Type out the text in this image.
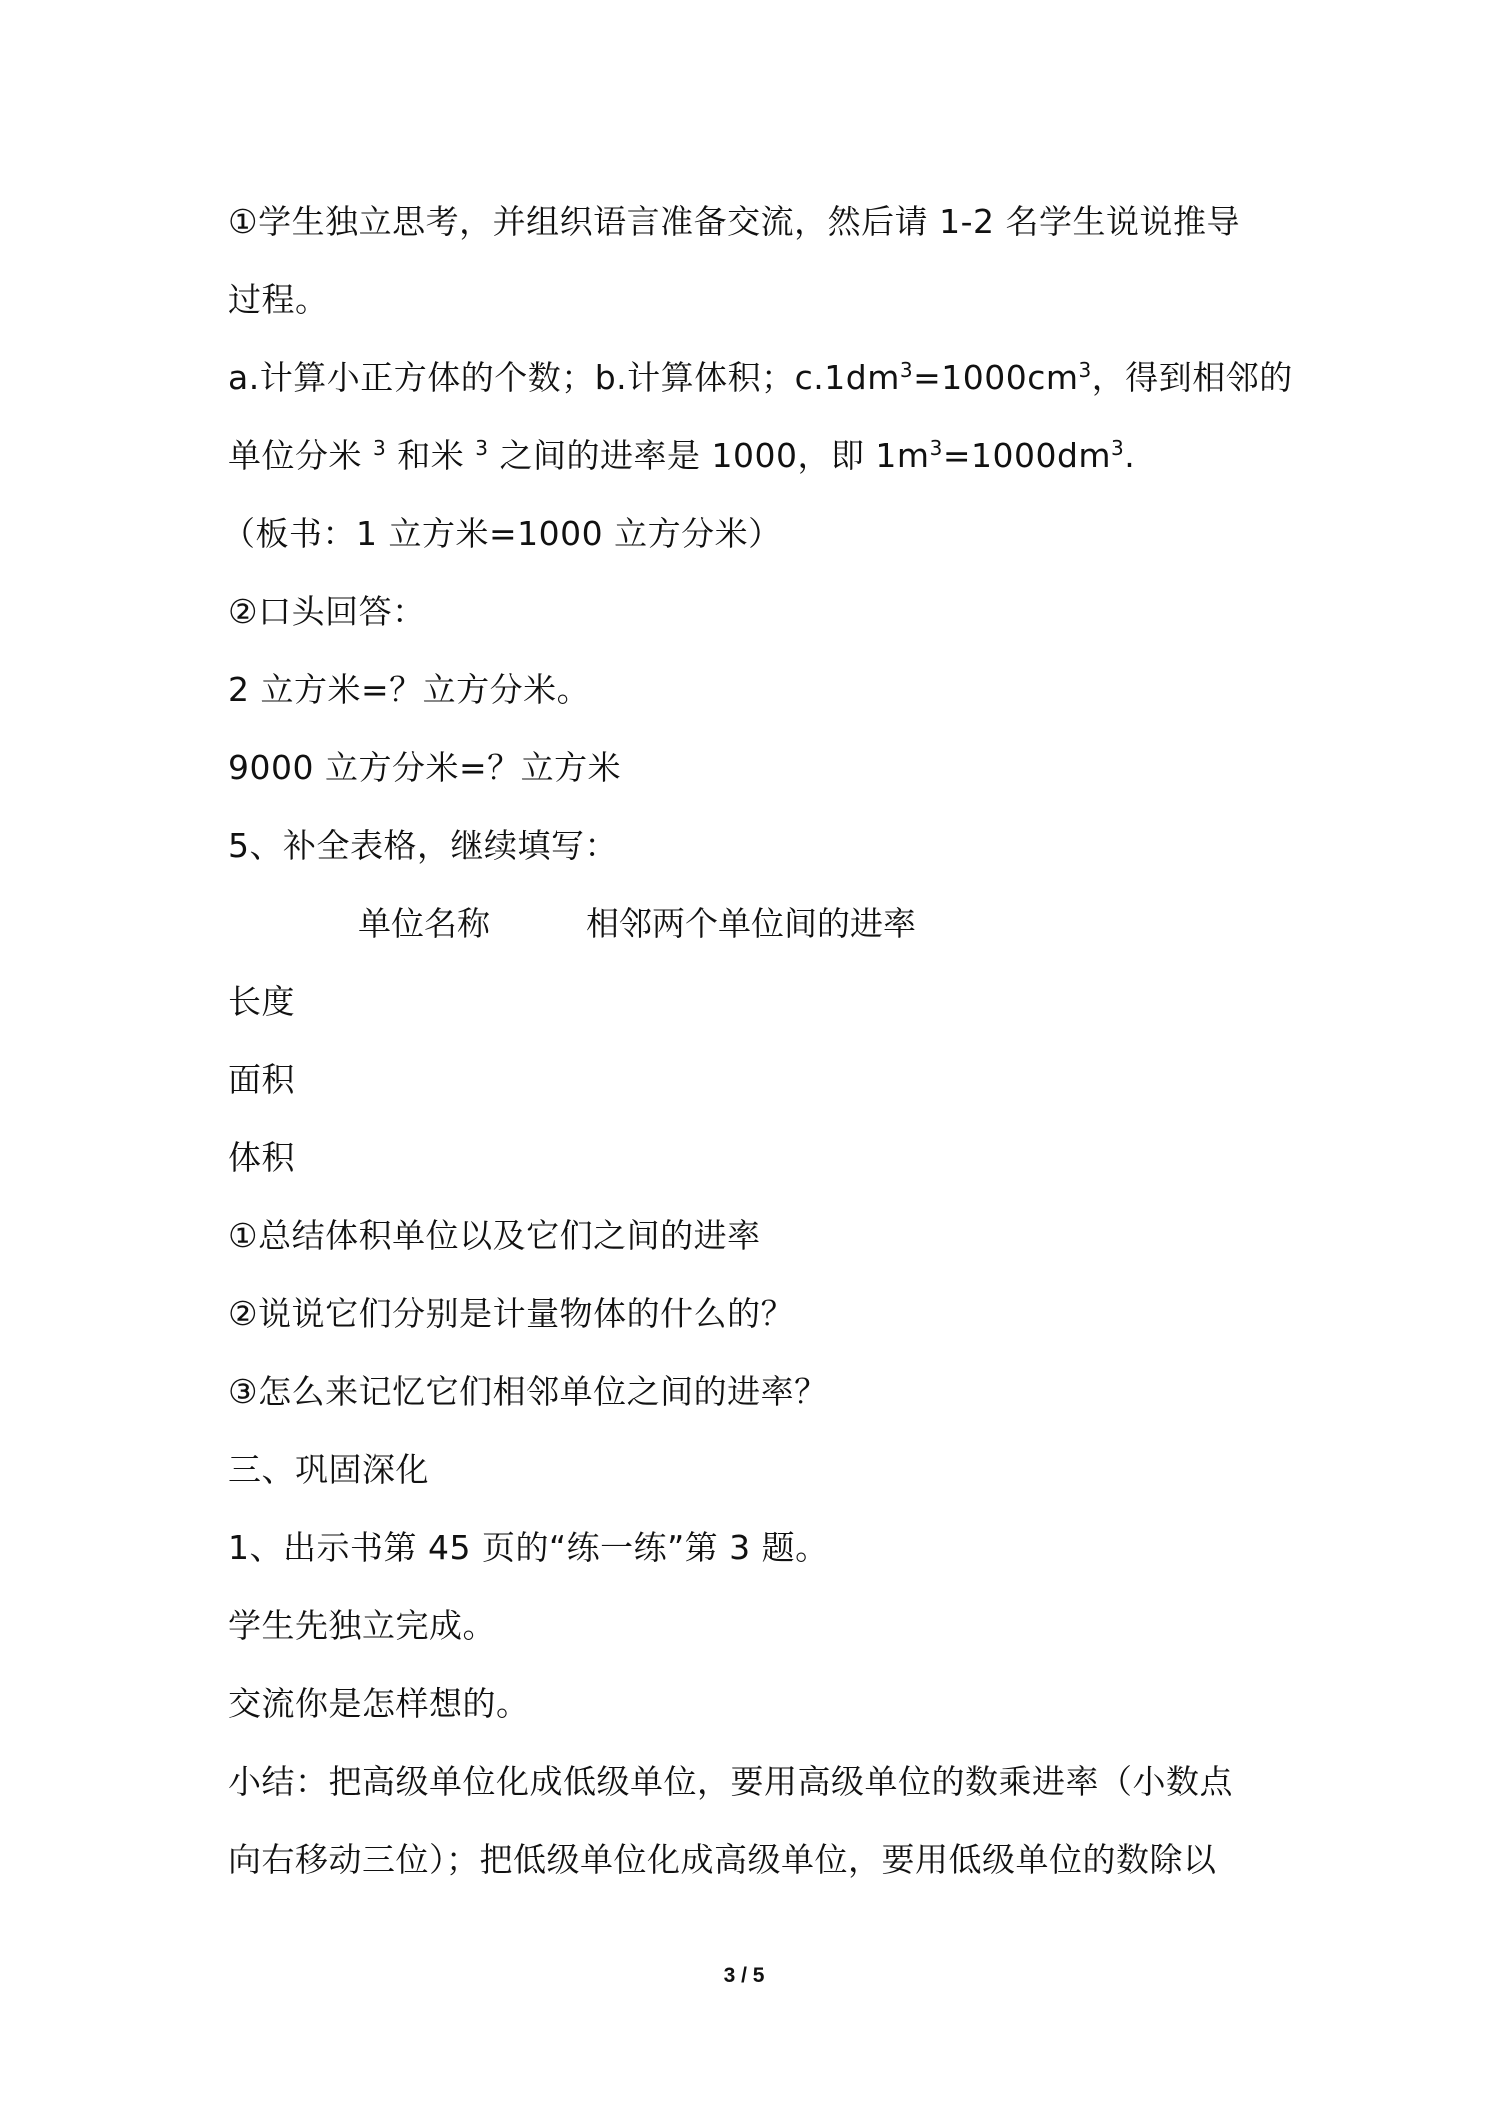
①学生独立思考，并组织语言准备交流，然后请 1-2 名学生说说推导
过程。
a.计算小正方体的个数；b.计算体积；$c.1dm^3=1000cm^3$，得到相邻的
单位分米 $^3$ 和米 $^3$ 之间的进率是 1000，即 $1m^3=1000dm^3$.
（板书：1 立方米=1000 立方分米）
②口头回答：
2 立方米=？立方分米。
9000 立方分米=？立方米
5、补全表格，继续填写：
单位名称	相邻两个单位间的进率
长度
面积
体积
①总结体积单位以及它们之间的进率
②说说它们分别是计量物体的什么的？
③怎么来记忆它们相邻单位之间的进率？
三、巩固深化
1、出示书第 45 页的“练一练”第 3 题。
学生先独立完成。
交流你是怎样想的。
小结：把高级单位化成低级单位，要用高级单位的数乘进率（小数点
向右移动三位）；把低级单位化成高级单位，要用低级单位的数除以
3 / 5
